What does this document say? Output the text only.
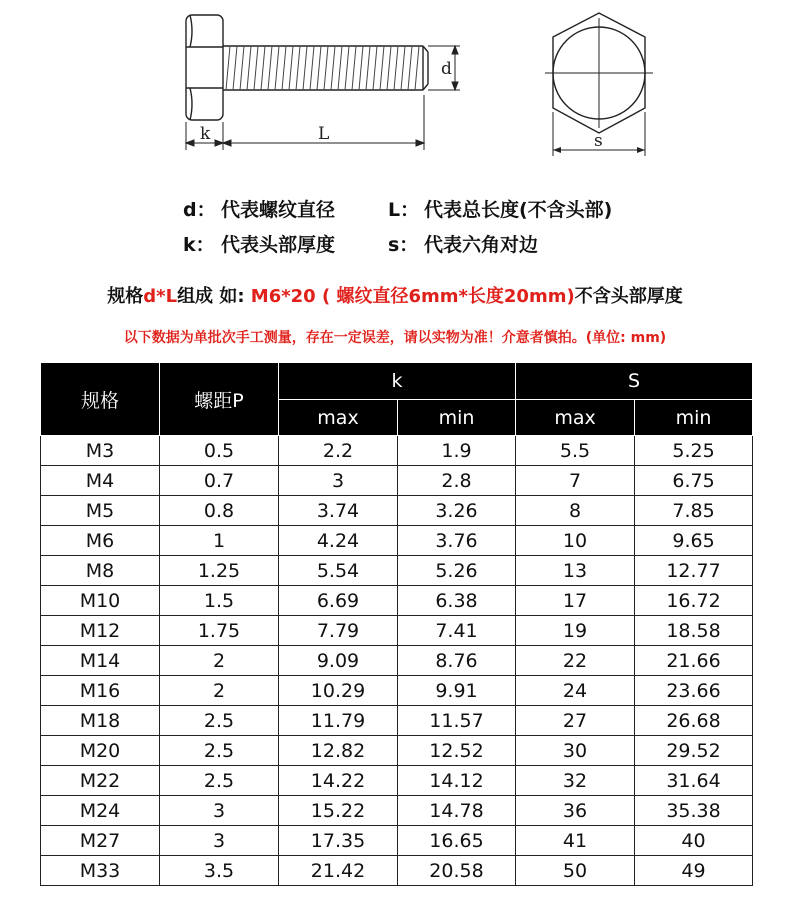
k	L
d
s
d： 代表螺纹直径	L： 代表总长度(不含头部)
k： 代表头部厚度	s： 代表六角对边
规格d*L组成 如: M6*20 ( 螺纹直径6mm*长度20mm)不含头部厚度
以下数据为单批次手工测量，存在一定误差，请以实物为准！介意者慎拍。(单位: mm)
规格	螺距P	k		S	
		max	min	max	min
M3	0.5	2.2	1.9	5.5	5.25
M4	0.7	3	2.8	7	6.75
M5	0.8	3.74	3.26	8	7.85
M6	1	4.24	3.76	10	9.65
M8	1.25	5.54	5.26	13	12.77
M10	1.5	6.69	6.38	17	16.72
M12	1.75	7.79	7.41	19	18.58
M14	2	9.09	8.76	22	21.66
M16	2	10.29	9.91	24	23.66
M18	2.5	11.79	11.57	27	26.68
M20	2.5	12.82	12.52	30	29.52
M22	2.5	14.22	14.12	32	31.64
M24	3	15.22	14.78	36	35.38
M27	3	17.35	16.65	41	40
M33	3.5	21.42	20.58	50	49
